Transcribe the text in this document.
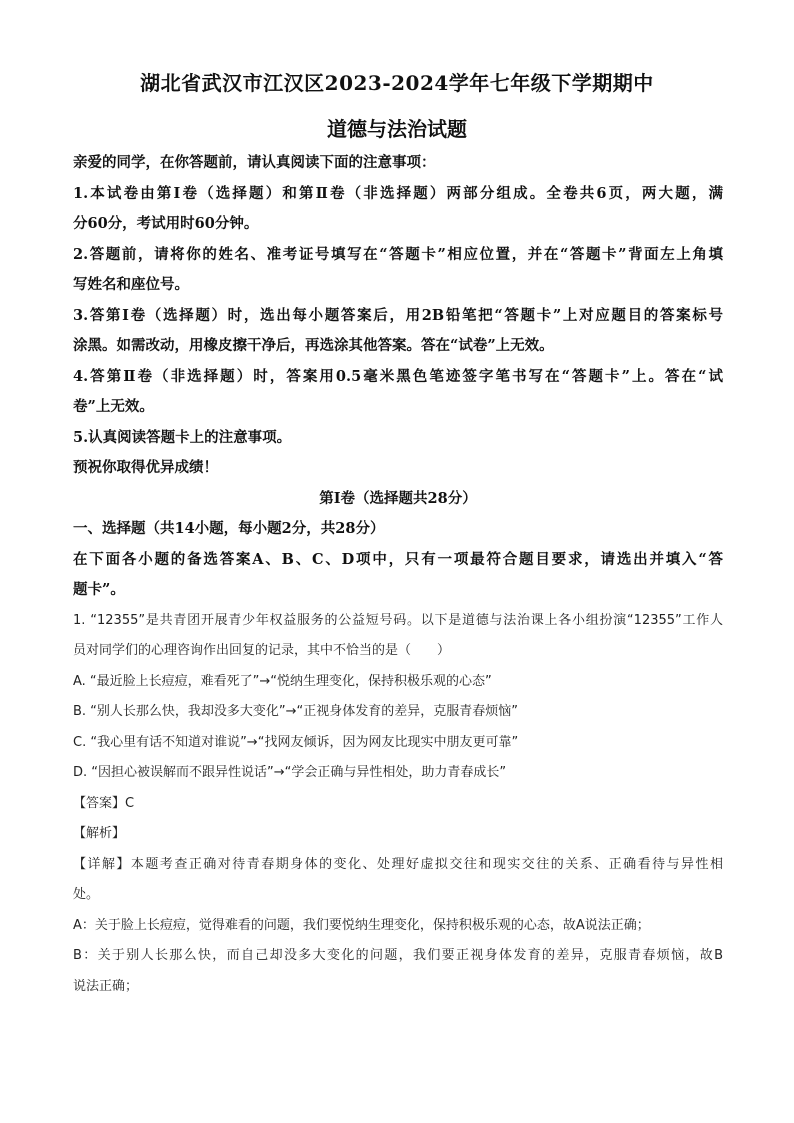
湖北省武汉市江汉区2023-2024学年七年级下学期期中
道德与法治试题
亲爱的同学，在你答题前，请认真阅读下面的注意事项：
1.本试卷由第Ⅰ卷（选择题）和第Ⅱ卷（非选择题）两部分组成。全卷共6页，两大题，满
分60分，考试用时60分钟。
2.答题前，请将你的姓名、准考证号填写在“答题卡”相应位置，并在“答题卡”背面左上角填
写姓名和座位号。
3.答第Ⅰ卷（选择题）时，选出每小题答案后，用2B铅笔把“答题卡”上对应题目的答案标号
涂黑。如需改动，用橡皮擦干净后，再选涂其他答案。答在“试卷”上无效。
4.答第Ⅱ卷（非选择题）时，答案用0.5毫米黑色笔迹签字笔书写在“答题卡”上。答在“试
卷”上无效。
5.认真阅读答题卡上的注意事项。
预祝你取得优异成绩！
第Ⅰ卷（选择题共28分）
一、选择题（共14小题，每小题2分，共28分）
在下面各小题的备选答案A、B、C、D项中，只有一项最符合题目要求，请选出并填入“答
题卡”。
1. “12355”是共青团开展青少年权益服务的公益短号码。以下是道德与法治课上各小组扮演“12355”工作人
员对同学们的心理咨询作出回复的记录，其中不恰当的是（　　）
A. “最近脸上长痘痘，难看死了”→“悦纳生理变化，保持积极乐观的心态”
B. “别人长那么快，我却没多大变化”→“正视身体发育的差异，克服青春烦恼”
C. “我心里有话不知道对谁说”→“找网友倾诉，因为网友比现实中朋友更可靠”
D. “因担心被误解而不跟异性说话”→“学会正确与异性相处，助力青春成长”
【答案】C
【解析】
【详解】本题考查正确对待青春期身体的变化、处理好虚拟交往和现实交往的关系、正确看待与异性相
处。
A：关于脸上长痘痘，觉得难看的问题，我们要悦纳生理变化，保持积极乐观的心态，故A说法正确；
B：关于别人长那么快，而自己却没多大变化的问题，我们要正视身体发育的差异，克服青春烦恼，故B
说法正确；
